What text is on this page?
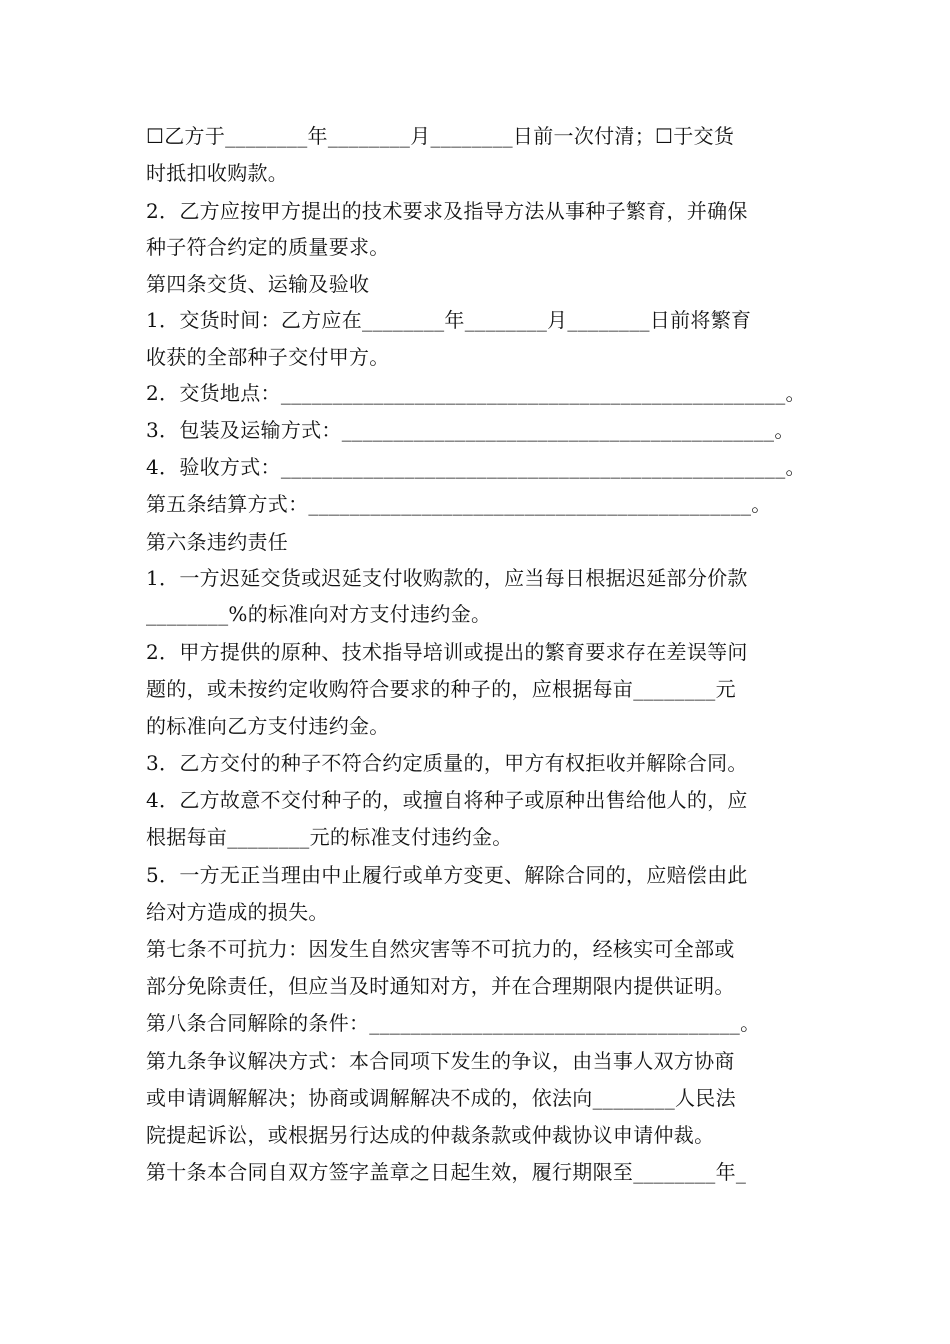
☐乙方于________年________月________日前一次付清；☐于交货

时抵扣收购款。

2．乙方应按甲方提出的技术要求及指导方法从事种子繁育，并确保

种子符合约定的质量要求。

第四条交货、运输及验收

1．交货时间：乙方应在________年________月________日前将繁育

收获的全部种子交付甲方。

2．交货地点：_________________________________________________。

3．包装及运输方式：__________________________________________。

4．验收方式：_________________________________________________。

第五条结算方式：___________________________________________。

第六条违约责任

1．一方迟延交货或迟延支付收购款的，应当每日根据迟延部分价款

________%的标准向对方支付违约金。

2．甲方提供的原种、技术指导培训或提出的繁育要求存在差误等问

题的，或未按约定收购符合要求的种子的，应根据每亩________元

的标准向乙方支付违约金。

3．乙方交付的种子不符合约定质量的，甲方有权拒收并解除合同。

4．乙方故意不交付种子的，或擅自将种子或原种出售给他人的，应

根据每亩________元的标准支付违约金。

5．一方无正当理由中止履行或单方变更、解除合同的，应赔偿由此

给对方造成的损失。

第七条不可抗力：因发生自然灾害等不可抗力的，经核实可全部或

部分免除责任，但应当及时通知对方，并在合理期限内提供证明。

第八条合同解除的条件：____________________________________。

第九条争议解决方式：本合同项下发生的争议，由当事人双方协商

或申请调解解决；协商或调解解决不成的，依法向________人民法

院提起诉讼，或根据另行达成的仲裁条款或仲裁协议申请仲裁。

第十条本合同自双方签字盖章之日起生效，履行期限至________年_
